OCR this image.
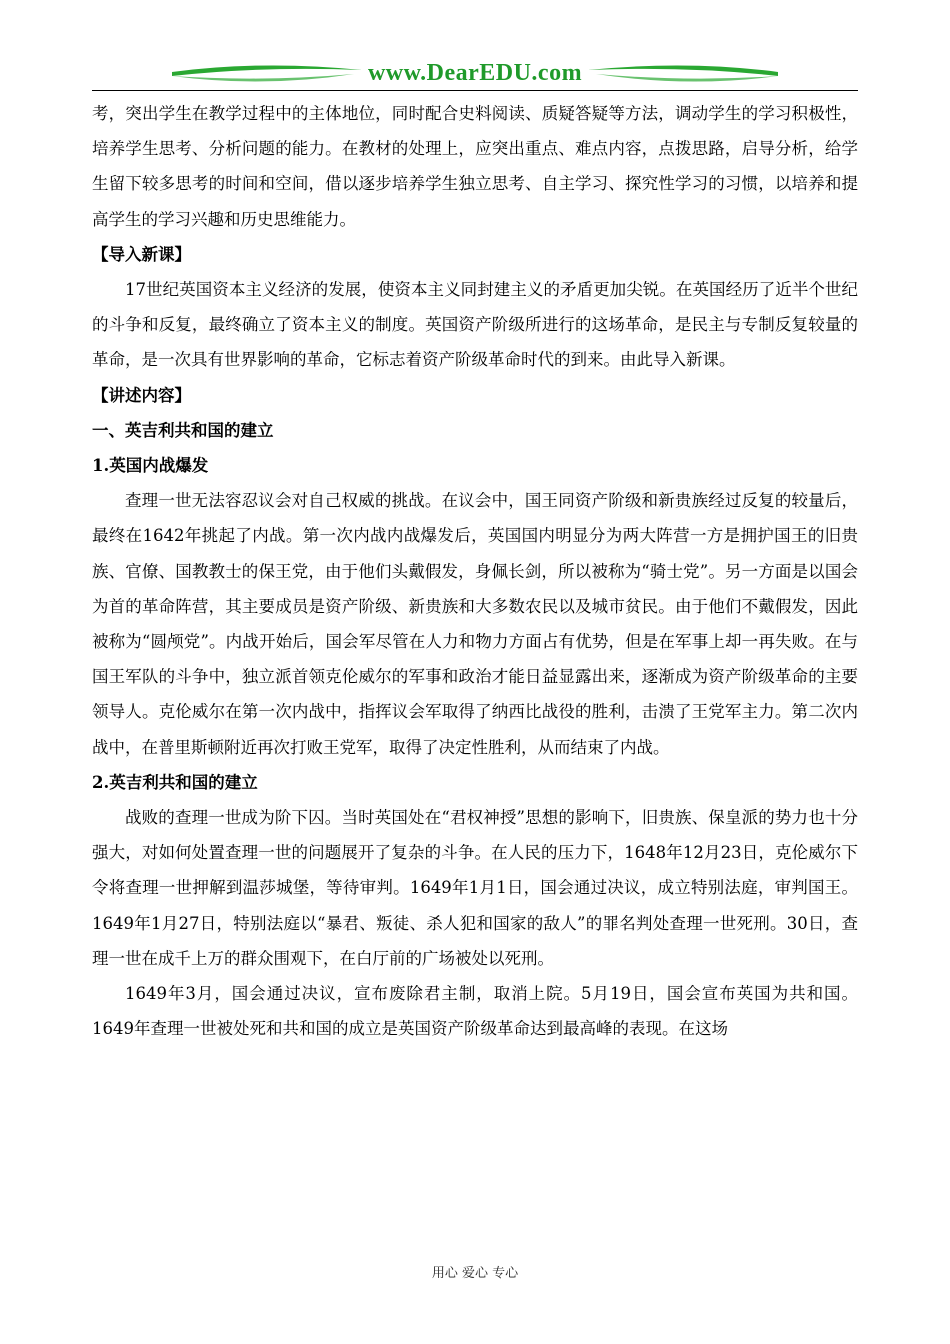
www.DearEDU.com

考，突出学生在教学过程中的主体地位，同时配合史料阅读、质疑答疑等方法，调动学生的学习积极性，培养学生思考、分析问题的能力。在教材的处理上，应突出重点、难点内容，点拨思路，启导分析，给学生留下较多思考的时间和空间，借以逐步培养学生独立思考、自主学习、探究性学习的习惯，以培养和提高学生的学习兴趣和历史思维能力。

【导入新课】

17世纪英国资本主义经济的发展，使资本主义同封建主义的矛盾更加尖锐。在英国经历了近半个世纪的斗争和反复，最终确立了资本主义的制度。英国资产阶级所进行的这场革命，是民主与专制反复较量的革命，是一次具有世界影响的革命，它标志着资产阶级革命时代的到来。由此导入新课。

【讲述内容】

一、英吉利共和国的建立

1.英国内战爆发

查理一世无法容忍议会对自己权威的挑战。在议会中，国王同资产阶级和新贵族经过反复的较量后，最终在1642年挑起了内战。第一次内战内战爆发后，英国国内明显分为两大阵营一方是拥护国王的旧贵族、官僚、国教教士的保王党，由于他们头戴假发，身佩长剑，所以被称为“骑士党”。另一方面是以国会为首的革命阵营，其主要成员是资产阶级、新贵族和大多数农民以及城市贫民。由于他们不戴假发，因此被称为“圆颅党”。内战开始后，国会军尽管在人力和物力方面占有优势，但是在军事上却一再失败。在与国王军队的斗争中，独立派首领克伦威尔的军事和政治才能日益显露出来，逐渐成为资产阶级革命的主要领导人。克伦威尔在第一次内战中，指挥议会军取得了纳西比战役的胜利，击溃了王党军主力。第二次内战中，在普里斯顿附近再次打败王党军，取得了决定性胜利，从而结束了内战。

2.英吉利共和国的建立

战败的查理一世成为阶下囚。当时英国处在“君权神授”思想的影响下，旧贵族、保皇派的势力也十分强大，对如何处置查理一世的问题展开了复杂的斗争。在人民的压力下，1648年12月23日，克伦威尔下令将查理一世押解到温莎城堡，等待审判。1649年1月1日，国会通过决议，成立特别法庭，审判国王。1649年1月27日，特别法庭以“暴君、叛徒、杀人犯和国家的敌人”的罪名判处查理一世死刑。30日，查理一世在成千上万的群众围观下，在白厅前的广场被处以死刑。

1649年3月，国会通过决议，宣布废除君主制，取消上院。5月19日，国会宣布英国为共和国。1649年查理一世被处死和共和国的成立是英国资产阶级革命达到最高峰的表现。在这场

用心 爱心 专心
